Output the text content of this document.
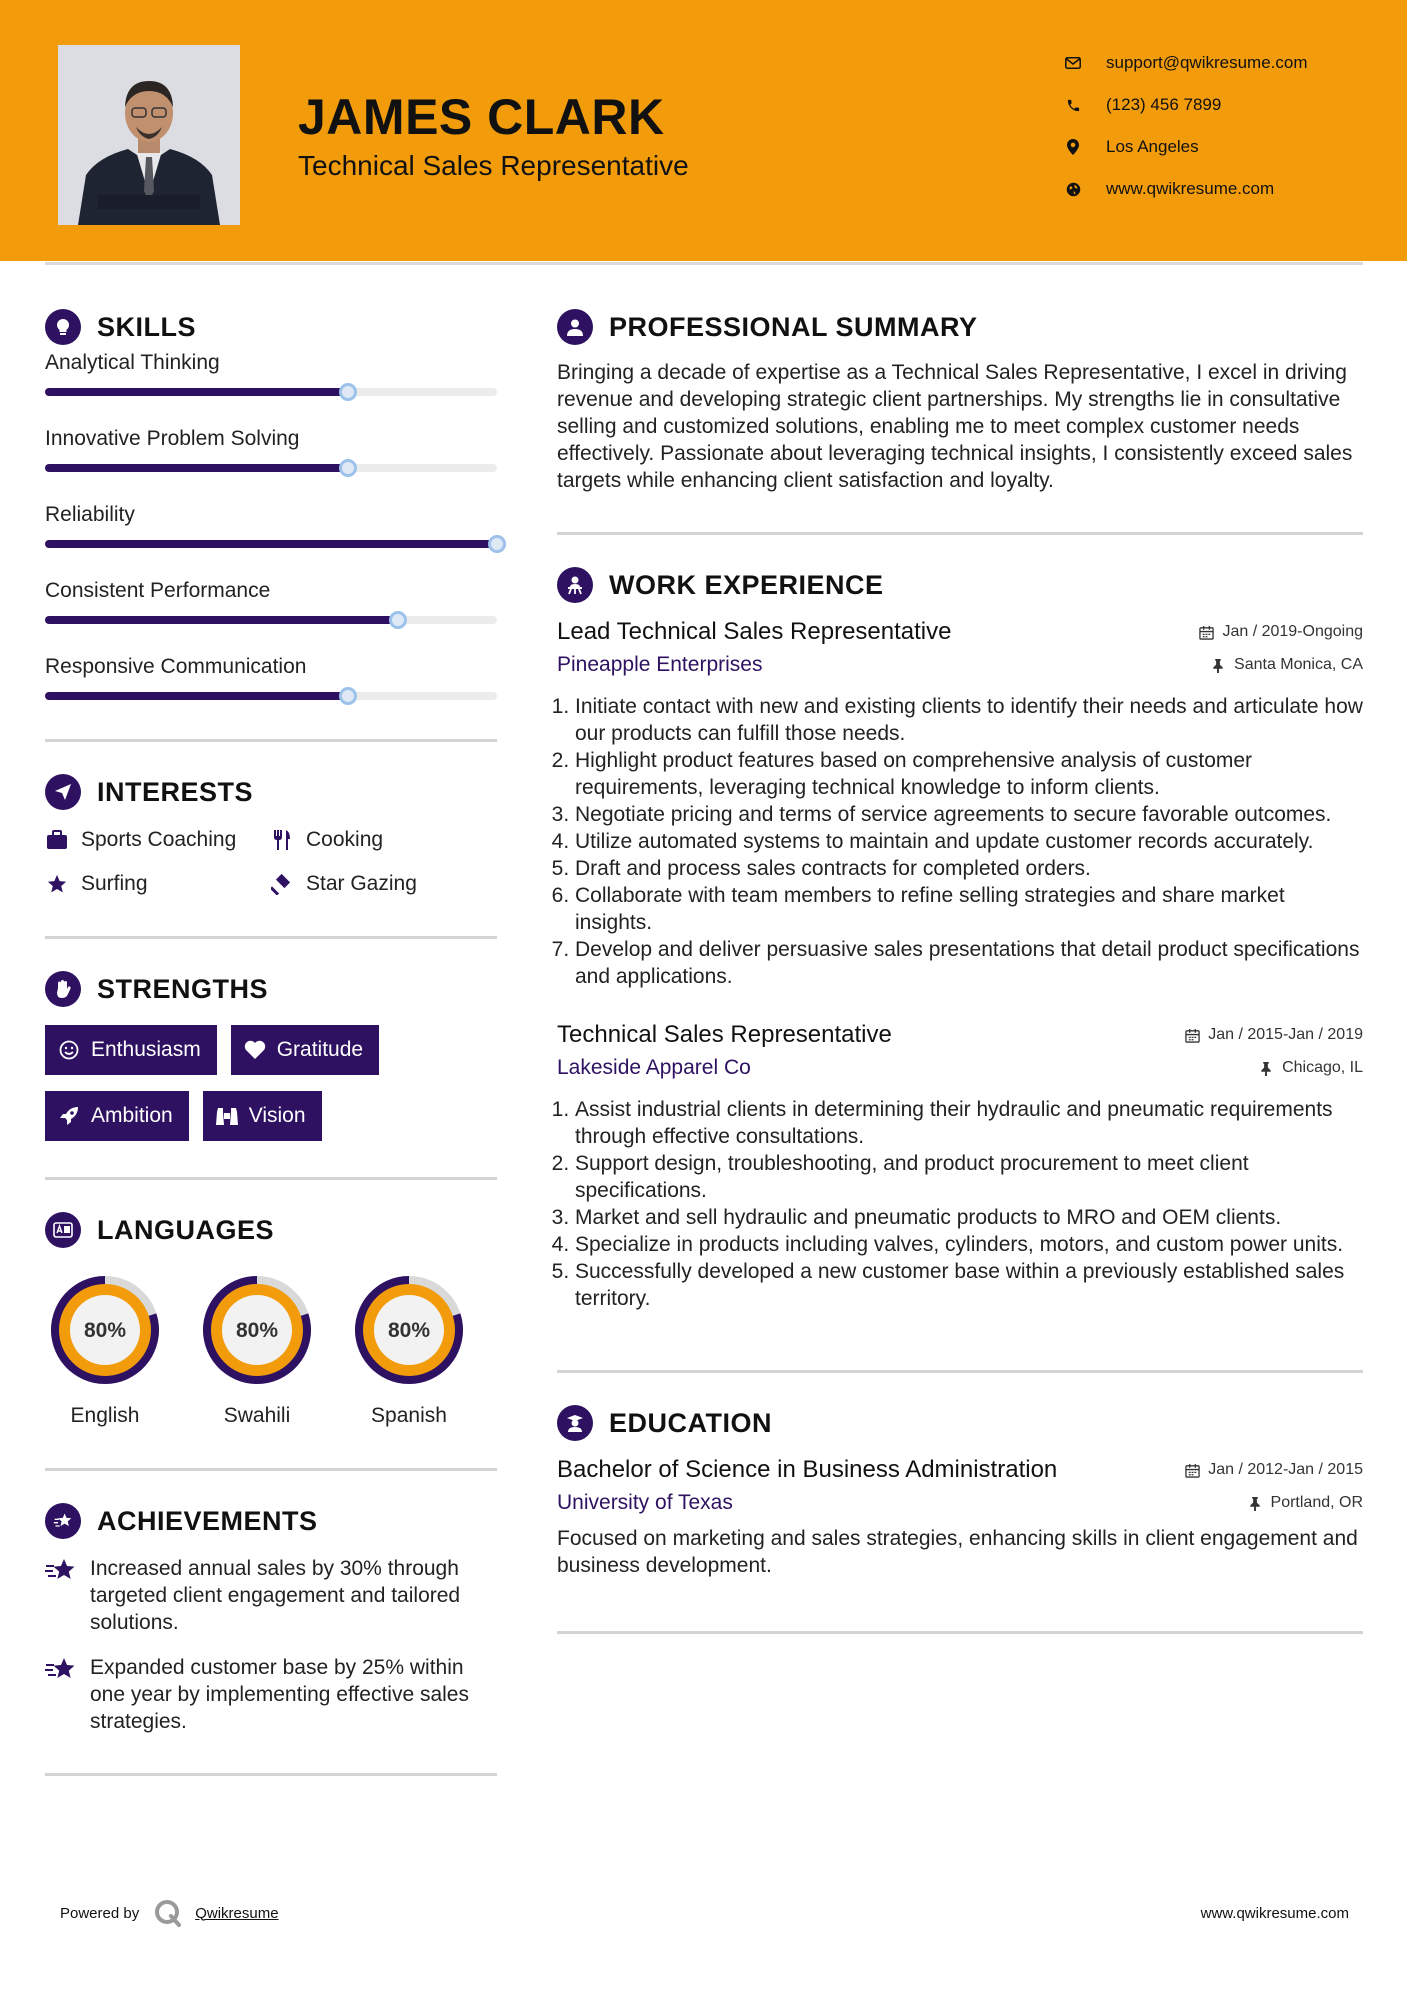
JAMES CLARK
Technical Sales Representative
support@qwikresume.com
(123) 456 7899
Los Angeles
www.qwikresume.com
SKILLS
Analytical Thinking
Innovative Problem Solving
Reliability
Consistent Performance
Responsive Communication
INTERESTS
Sports Coaching	Cooking
Surfing	Star Gazing
STRENGTHS
Enthusiasm	Gratitude
Ambition	Vision
LANGUAGES
80%
English
80%
Swahili
80%
Spanish
ACHIEVEMENTS
Increased annual sales by 30% through targeted client engagement and tailored solutions.
Expanded customer base by 25% within one year by implementing effective sales strategies.
PROFESSIONAL SUMMARY

Bringing a decade of expertise as a Technical Sales Representative, I excel in driving revenue and developing strategic client partnerships. My strengths lie in consultative selling and customized solutions, enabling me to meet complex customer needs effectively. Passionate about leveraging technical insights, I consistently exceed sales targets while enhancing client satisfaction and loyalty.

WORK EXPERIENCE
Lead Technical Sales Representative	Jan / 2019-Ongoing
Pineapple Enterprises	Santa Monica, CA
1. Initiate contact with new and existing clients to identify their needs and articulate how our products can fulfill those needs.
2. Highlight product features based on comprehensive analysis of customer requirements, leveraging technical knowledge to inform clients.
3. Negotiate pricing and terms of service agreements to secure favorable outcomes.
4. Utilize automated systems to maintain and update customer records accurately.
5. Draft and process sales contracts for completed orders.
6. Collaborate with team members to refine selling strategies and share market insights.
7. Develop and deliver persuasive sales presentations that detail product specifications and applications.
Technical Sales Representative	Jan / 2015-Jan / 2019
Lakeside Apparel Co	Chicago, IL
1. Assist industrial clients in determining their hydraulic and pneumatic requirements through effective consultations.
2. Support design, troubleshooting, and product procurement to meet client specifications.
3. Market and sell hydraulic and pneumatic products to MRO and OEM clients.
4. Specialize in products including valves, cylinders, motors, and custom power units.
5. Successfully developed a new customer base within a previously established sales territory.
EDUCATION
Bachelor of Science in Business Administration	Jan / 2012-Jan / 2015
University of Texas	Portland, OR

Focused on marketing and sales strategies, enhancing skills in client engagement and business development.

Powered by	Qwikresume	www.qwikresume.com
